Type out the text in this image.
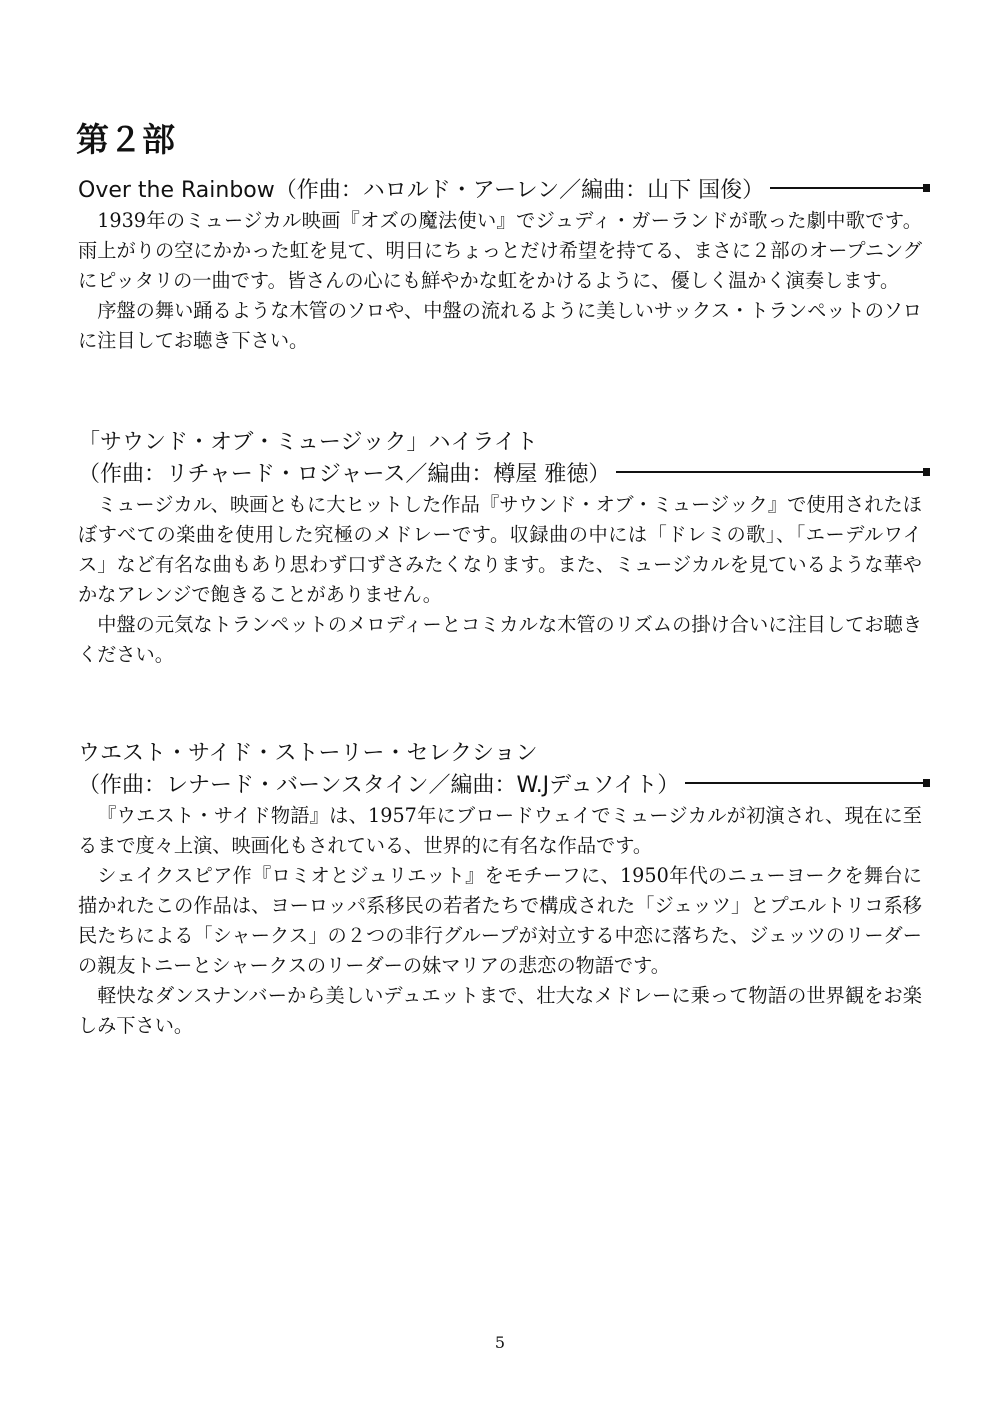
第２部
Over the Rainbow（作曲：ハロルド・アーレン／編曲：山下 国俊）

1939年のミュージカル映画『オズの魔法使い』でジュディ・ガーランドが歌った劇中歌です。雨上がりの空にかかった虹を見て、明日にちょっとだけ希望を持てる、まさに２部のオープニングにピッタリの一曲です。皆さんの心にも鮮やかな虹をかけるように、優しく温かく演奏します。

序盤の舞い踊るような木管のソロや、中盤の流れるように美しいサックス・トランペットのソロに注目してお聴き下さい。

「サウンド・オブ・ミュージック」ハイライト
（作曲：リチャード・ロジャース／編曲：樽屋 雅徳）

ミュージカル、映画ともに大ヒットした作品『サウンド・オブ・ミュージック』で使用されたほぼすべての楽曲を使用した究極のメドレーです。収録曲の中には「ドレミの歌」、「エーデルワイス」など有名な曲もあり思わず口ずさみたくなります。また、ミュージカルを見ているような華やかなアレンジで飽きることがありません。

中盤の元気なトランペットのメロディーとコミカルな木管のリズムの掛け合いに注目してお聴きください。

ウエスト・サイド・ストーリー・セレクション
（作曲：レナード・バーンスタイン／編曲：W.Jデュソイト）

『ウエスト・サイド物語』は、1957年にブロードウェイでミュージカルが初演され、現在に至るまで度々上演、映画化もされている、世界的に有名な作品です。

シェイクスピア作『ロミオとジュリエット』をモチーフに、1950年代のニューヨークを舞台に描かれたこの作品は、ヨーロッパ系移民の若者たちで構成された「ジェッツ」とプエルトリコ系移民たちによる「シャークス」の２つの非行グループが対立する中恋に落ちた、ジェッツのリーダーの親友トニーとシャークスのリーダーの妹マリアの悲恋の物語です。

軽快なダンスナンバーから美しいデュエットまで、壮大なメドレーに乗って物語の世界観をお楽しみ下さい。

5
